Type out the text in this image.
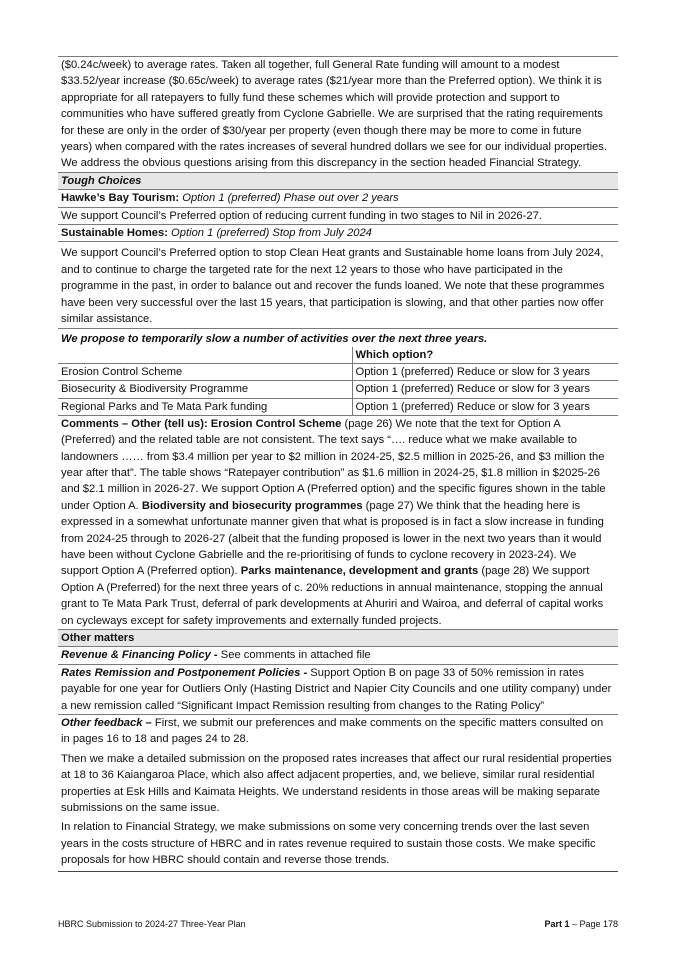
($0.24c/week) to average rates. Taken all together, full General Rate funding will amount to a modest $33.52/year increase ($0.65c/week) to average rates ($21/year more than the Preferred option). We think it is appropriate for all ratepayers to fully fund these schemes which will provide protection and support to communities who have suffered greatly from Cyclone Gabrielle. We are surprised that the rating requirements for these are only in the order of $30/year per property (even though there may be more to come in future years) when compared with the rates increases of several hundred dollars we see for our individual properties. We address the obvious questions arising from this discrepancy in the section headed Financial Strategy.

Tough Choices
Hawke’s Bay Tourism: Option 1 (preferred) Phase out over 2 years

We support Council’s Preferred option of reducing current funding in two stages to Nil in 2026-27.

Sustainable Homes: Option 1 (preferred) Stop from July 2024

We support Council’s Preferred option to stop Clean Heat grants and Sustainable home loans from July 2024, and to continue to charge the targeted rate for the next 12 years to those who have participated in the programme in the past, in order to balance out and recover the funds loaned. We note that these programmes have been very successful over the last 15 years, that participation is slowing, and that other parties now offer similar assistance.

We propose to temporarily slow a number of activities over the next three years.
	Which option?
Erosion Control Scheme	Option 1 (preferred) Reduce or slow for 3 years
Biosecurity & Biodiversity Programme	Option 1 (preferred) Reduce or slow for 3 years
Regional Parks and Te Mata Park funding	Option 1 (preferred) Reduce or slow for 3 years

Comments – Other (tell us): Erosion Control Scheme (page 26) We note that the text for Option A (Preferred) and the related table are not consistent. The text says “…. reduce what we make available to landowners …… from $3.4 million per year to $2 million in 2024-25, $2.5 million in 2025-26, and $3 million the year after that”. The table shows “Ratepayer contribution” as $1.6 million in 2024-25, $1.8 million in $2025-26 and $2.1 million in 2026-27. We support Option A (Preferred option) and the specific figures shown in the table under Option A. Biodiversity and biosecurity programmes (page 27) We think that the heading here is expressed in a somewhat unfortunate manner given that what is proposed is in fact a slow increase in funding from 2024-25 through to 2026-27 (albeit that the funding proposed is lower in the next two years than it would have been without Cyclone Gabrielle and the re-prioritising of funds to cyclone recovery in 2023-24). We support Option A (Preferred option). Parks maintenance, development and grants (page 28) We support Option A (Preferred) for the next three years of c. 20% reductions in annual maintenance, stopping the annual grant to Te Mata Park Trust, deferral of park developments at Ahuriri and Wairoa, and deferral of capital works on cycleways except for safety improvements and externally funded projects.

Other matters
Revenue & Financing Policy - See comments in attached file

Rates Remission and Postponement Policies - Support Option B on page 33 of 50% remission in rates payable for one year for Outliers Only (Hasting District and Napier City Councils and one utility company) under a new remission called “Significant Impact Remission resulting from changes to the Rating Policy”

Other feedback – First, we submit our preferences and make comments on the specific matters consulted on in pages 16 to 18 and pages 24 to 28.

Then we make a detailed submission on the proposed rates increases that affect our rural residential properties at 18 to 36 Kaiangaroa Place, which also affect adjacent properties, and, we believe, similar rural residential properties at Esk Hills and Kaimata Heights. We understand residents in those areas will be making separate submissions on the same issue.

In relation to Financial Strategy, we make submissions on some very concerning trends over the last seven years in the costs structure of HBRC and in rates revenue required to sustain those costs. We make specific proposals for how HBRC should contain and reverse those trends.

HBRC Submission to 2024-27 Three-Year Plan	Part 1 – Page 178
